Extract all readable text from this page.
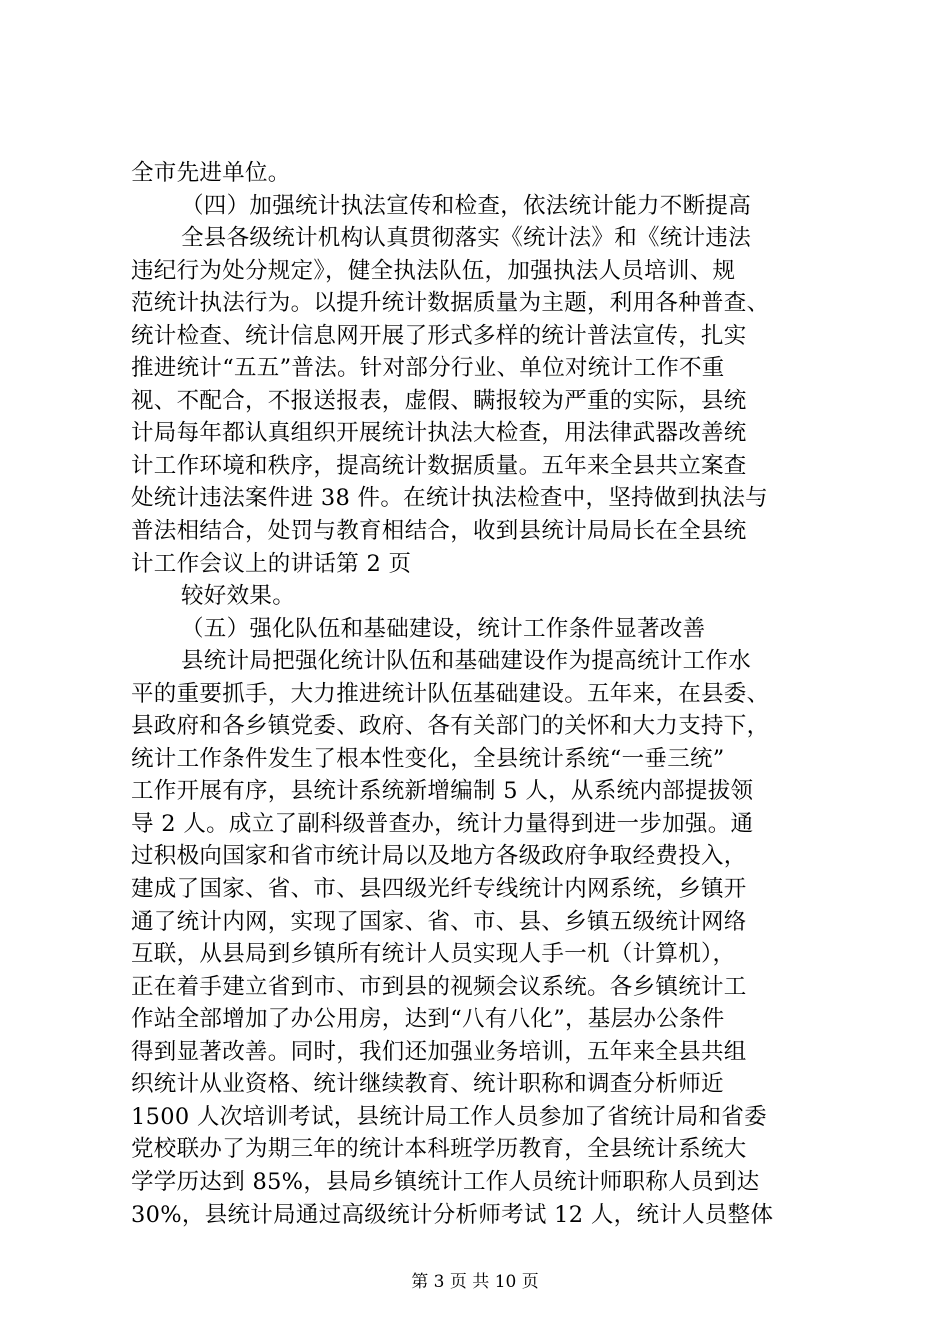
全市先进单位。
（四）加强统计执法宣传和检查，依法统计能力不断提高
全县各级统计机构认真贯彻落实《统计法》和《统计违法
违纪行为处分规定》，健全执法队伍，加强执法人员培训、规
范统计执法行为。以提升统计数据质量为主题，利用各种普查、
统计检查、统计信息网开展了形式多样的统计普法宣传，扎实
推进统计“五五”普法。针对部分行业、单位对统计工作不重
视、不配合，不报送报表，虚假、瞒报较为严重的实际，县统
计局每年都认真组织开展统计执法大检查，用法律武器改善统
计工作环境和秩序，提高统计数据质量。五年来全县共立案查
处统计违法案件进 38 件。在统计执法检查中，坚持做到执法与
普法相结合，处罚与教育相结合，收到县统计局局长在全县统
计工作会议上的讲话第 2 页
较好效果。
（五）强化队伍和基础建设，统计工作条件显著改善
县统计局把强化统计队伍和基础建设作为提高统计工作水
平的重要抓手，大力推进统计队伍基础建设。五年来，在县委、
县政府和各乡镇党委、政府、各有关部门的关怀和大力支持下，
统计工作条件发生了根本性变化，全县统计系统“一垂三统”
工作开展有序，县统计系统新增编制 5 人，从系统内部提拔领
导 2 人。成立了副科级普查办，统计力量得到进一步加强。通
过积极向国家和省市统计局以及地方各级政府争取经费投入，
建成了国家、省、市、县四级光纤专线统计内网系统，乡镇开
通了统计内网，实现了国家、省、市、县、乡镇五级统计网络
互联，从县局到乡镇所有统计人员实现人手一机（计算机），
正在着手建立省到市、市到县的视频会议系统。各乡镇统计工
作站全部增加了办公用房，达到“八有八化”，基层办公条件
得到显著改善。同时，我们还加强业务培训，五年来全县共组
织统计从业资格、统计继续教育、统计职称和调查分析师近
1500 人次培训考试，县统计局工作人员参加了省统计局和省委
党校联办了为期三年的统计本科班学历教育，全县统计系统大
学学历达到 85%，县局乡镇统计工作人员统计师职称人员到达
30%，县统计局通过高级统计分析师考试 12 人，统计人员整体
第 3 页 共 10 页
